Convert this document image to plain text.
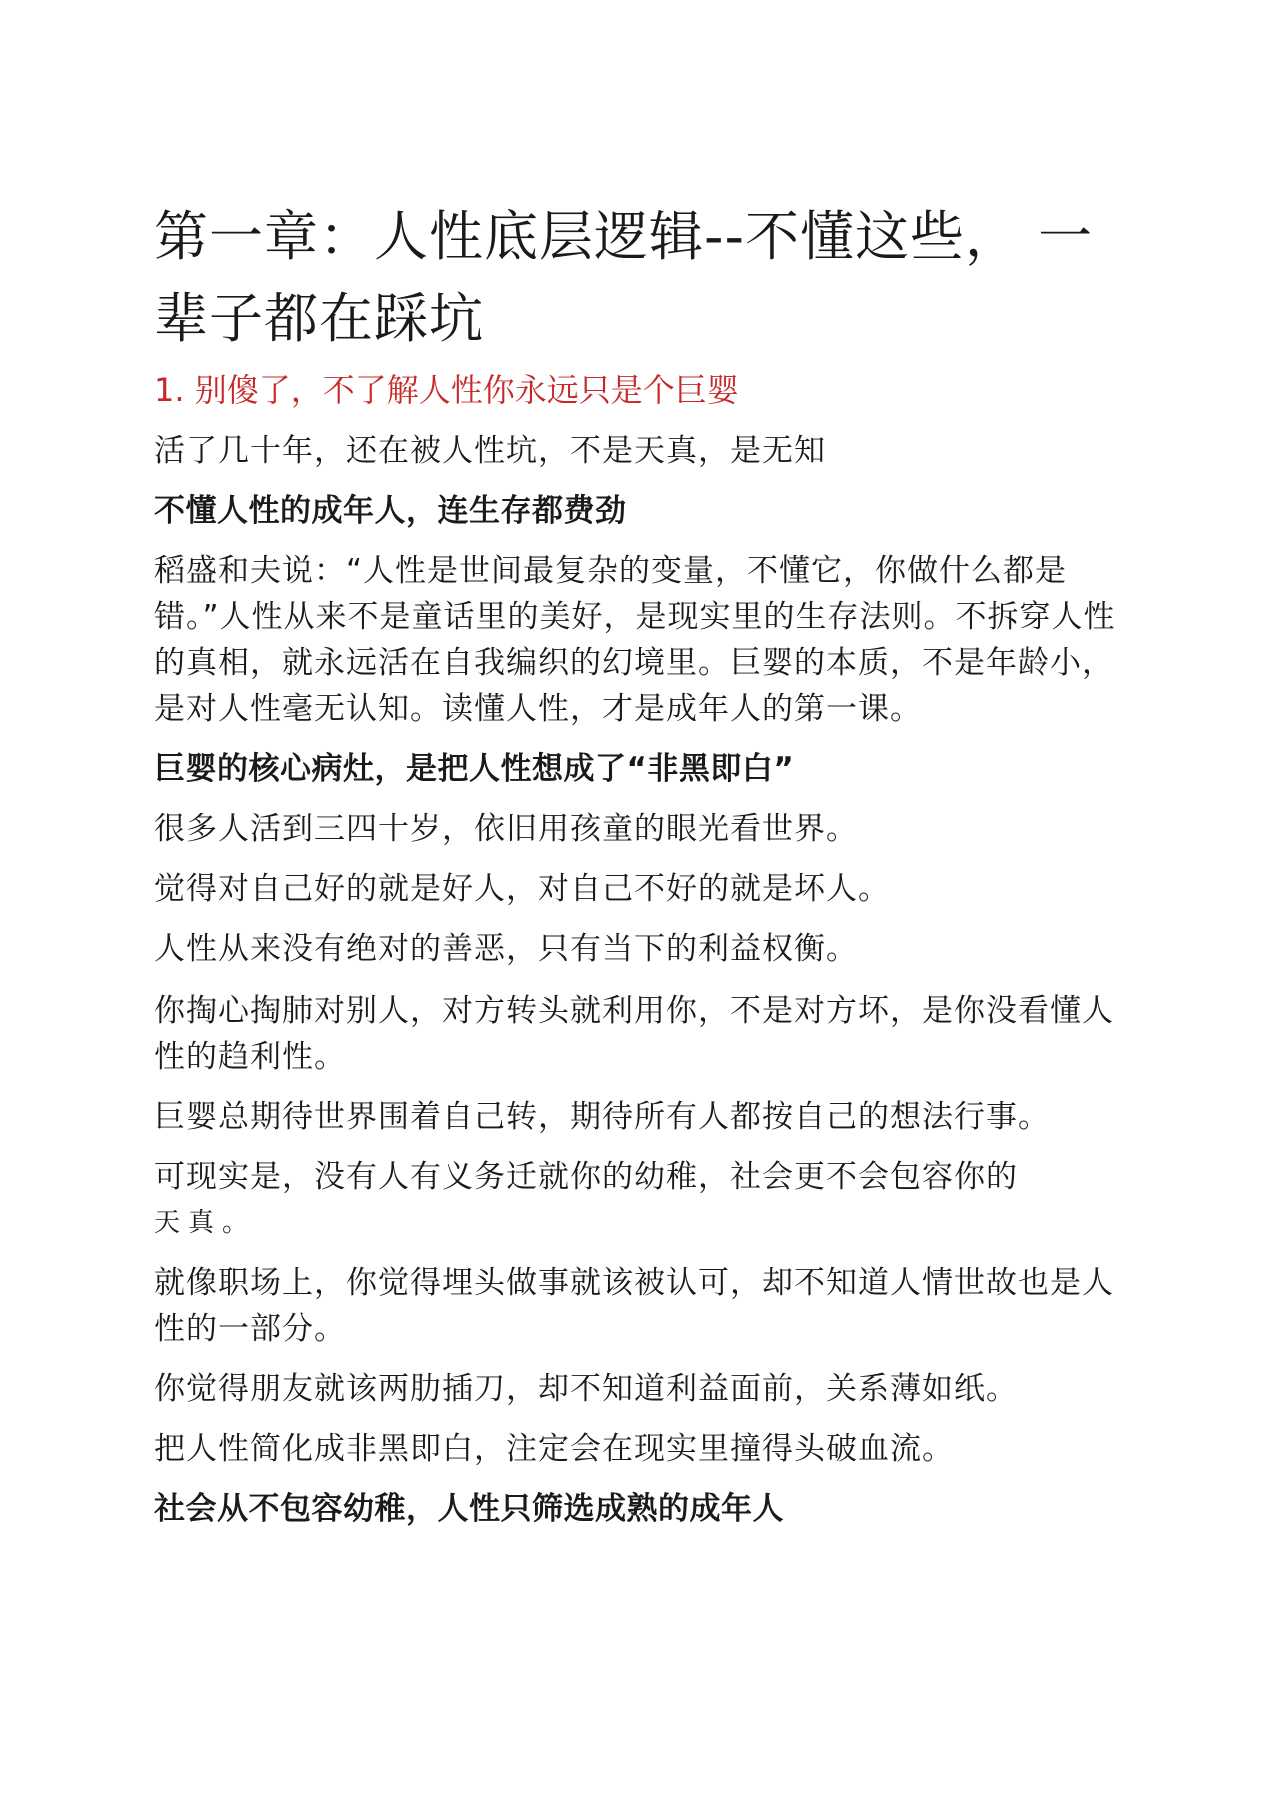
第一章：人性底层逻辑--不懂这些， 一辈子都在踩坑
1. 别傻了，不了解人性你永远只是个巨婴

活了几十年，还在被人性坑，不是天真，是无知

不懂人性的成年人，连生存都费劲

稻盛和夫说：“人性是世间最复杂的变量，不懂它，你做什么都是错。”人性从来不是童话里的美好，是现实里的生存法则。不拆穿人性的真相，就永远活在自我编织的幻境里。巨婴的本质，不是年龄小，是对人性毫无认知。读懂人性，才是成年人的第一课。

巨婴的核心病灶，是把人性想成了“非黑即白”

很多人活到三四十岁，依旧用孩童的眼光看世界。

觉得对自己好的就是好人，对自己不好的就是坏人。

人性从来没有绝对的善恶，只有当下的利益权衡。

你掏心掏肺对别人，对方转头就利用你，不是对方坏，是你没看懂人性的趋利性。

巨婴总期待世界围着自己转，期待所有人都按自己的想法行事。

可现实是，没有人有义务迁就你的幼稚，社会更不会包容你的

天真。

就像职场上，你觉得埋头做事就该被认可，却不知道人情世故也是人性的一部分。

你觉得朋友就该两肋插刀，却不知道利益面前，关系薄如纸。

把人性简化成非黑即白，注定会在现实里撞得头破血流。

社会从不包容幼稚，人性只筛选成熟的成年人
